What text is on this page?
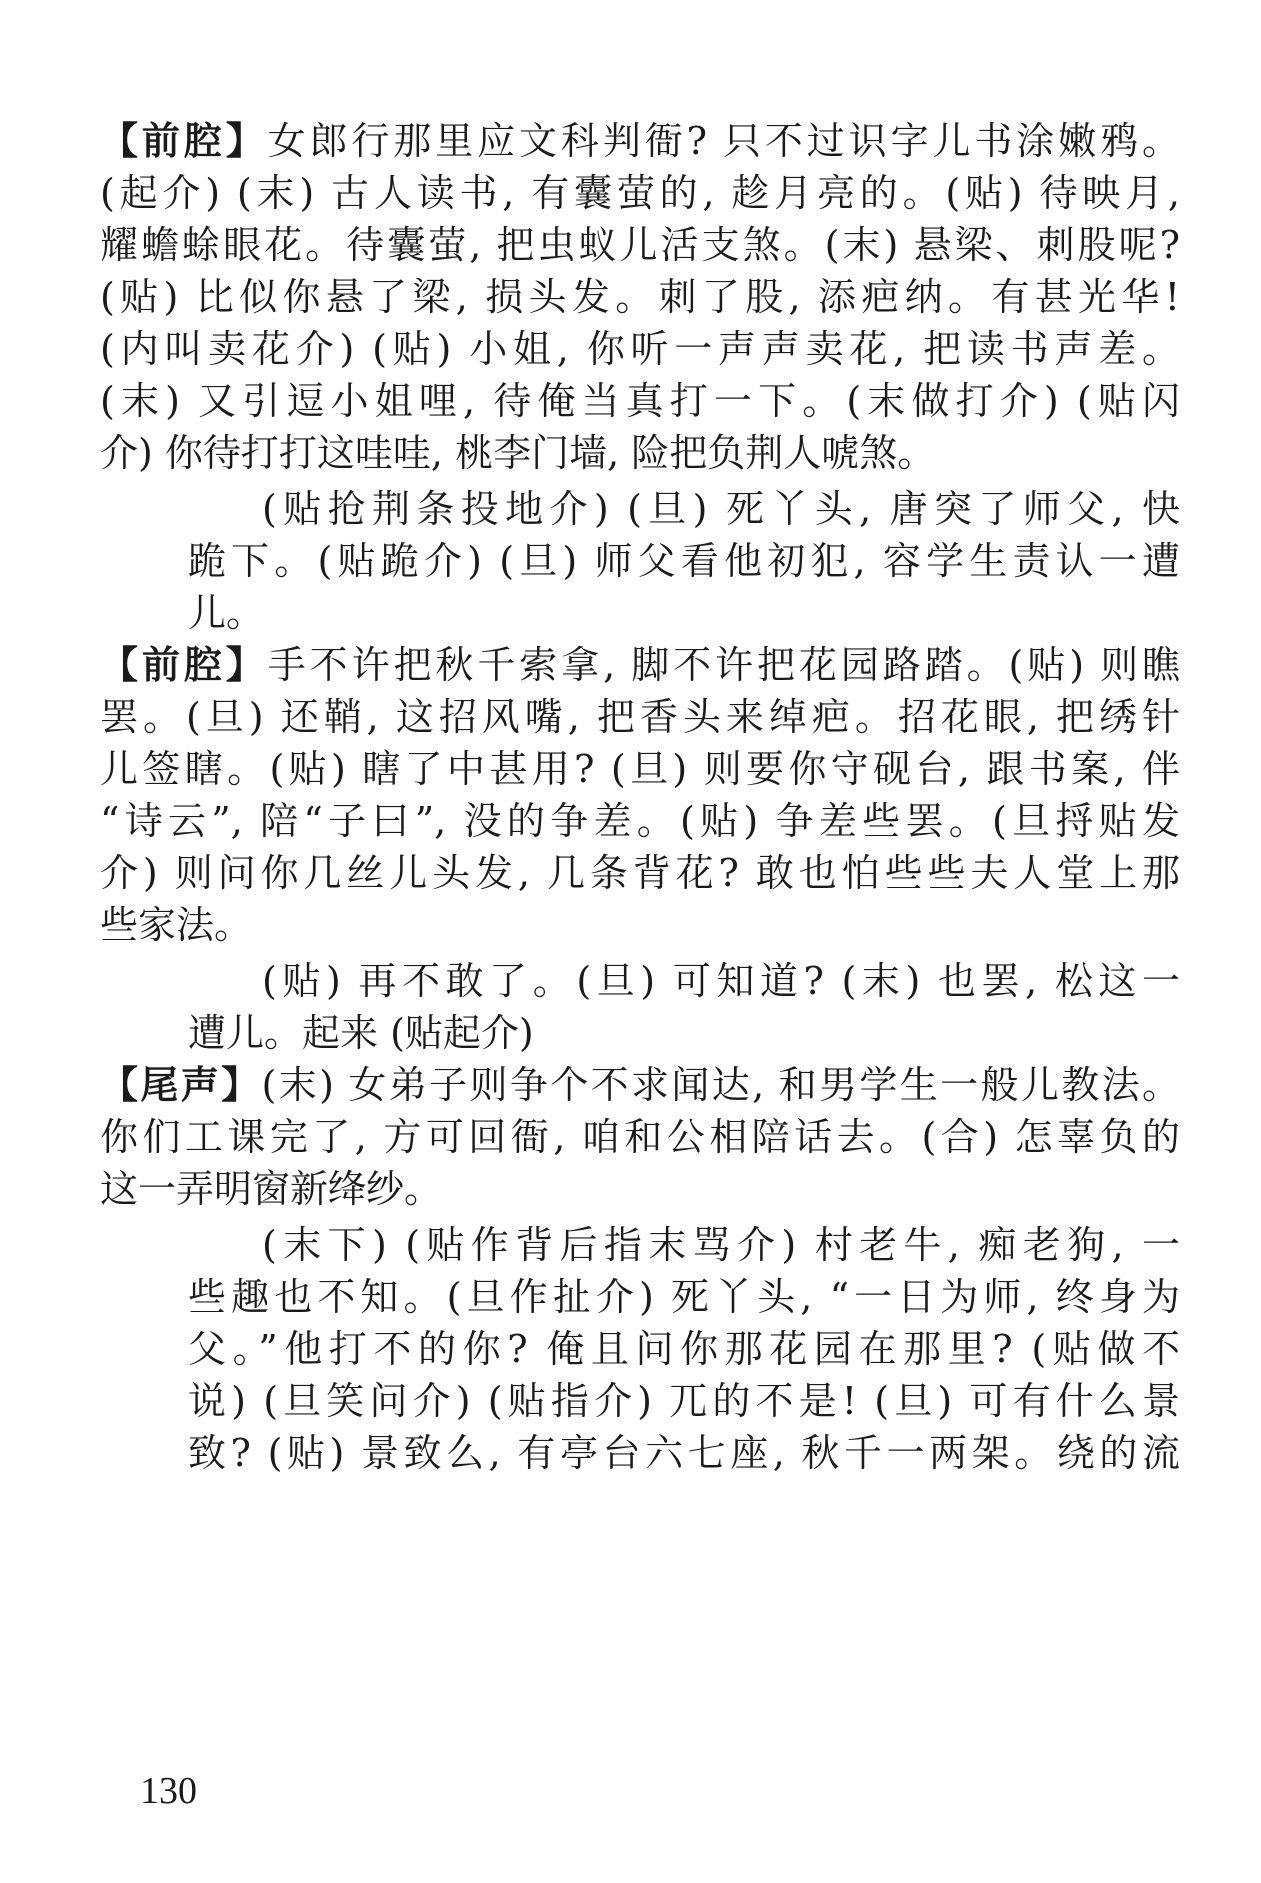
【前腔】女郎行那里应文科判衙? 只不过识字儿书涂嫩鸦。
(起介) (末) 古人读书, 有囊萤的, 趁月亮的。(贴) 待映月,
耀蟾蜍眼花。待囊萤, 把虫蚁儿活支煞。(末) 悬梁、刺股呢?
(贴) 比似你悬了梁, 损头发。刺了股, 添疤纳。有甚光华!
(内叫卖花介) (贴) 小姐, 你听一声声卖花, 把读书声差。
(末) 又引逗小姐哩, 待俺当真打一下。(末做打介) (贴闪
介) 你待打打这哇哇, 桃李门墙, 险把负荆人唬煞。
(贴抢荆条投地介) (旦) 死丫头, 唐突了师父, 快
跪下。(贴跪介) (旦) 师父看他初犯, 容学生责认一遭
儿。
【前腔】手不许把秋千索拿, 脚不许把花园路踏。(贴) 则瞧
罢。(旦) 还鞘, 这招风嘴, 把香头来绰疤。招花眼, 把绣针
儿签瞎。(贴) 瞎了中甚用? (旦) 则要你守砚台, 跟书案, 伴
“诗云”, 陪“子曰”, 没的争差。(贴) 争差些罢。(旦捋贴发
介) 则问你几丝儿头发, 几条背花? 敢也怕些些夫人堂上那
些家法。
(贴) 再不敢了。(旦) 可知道? (末) 也罢, 松这一
遭儿。起来 (贴起介)
【尾声】(末) 女弟子则争个不求闻达, 和男学生一般儿教法。
你们工课完了, 方可回衙, 咱和公相陪话去。(合) 怎辜负的
这一弄明窗新绛纱。
(末下) (贴作背后指末骂介) 村老牛, 痴老狗, 一
些趣也不知。(旦作扯介) 死丫头, “一日为师, 终身为
父。”他打不的你? 俺且问你那花园在那里? (贴做不
说) (旦笑问介) (贴指介) 兀的不是! (旦) 可有什么景
致? (贴) 景致么, 有亭台六七座, 秋千一两架。绕的流
130
